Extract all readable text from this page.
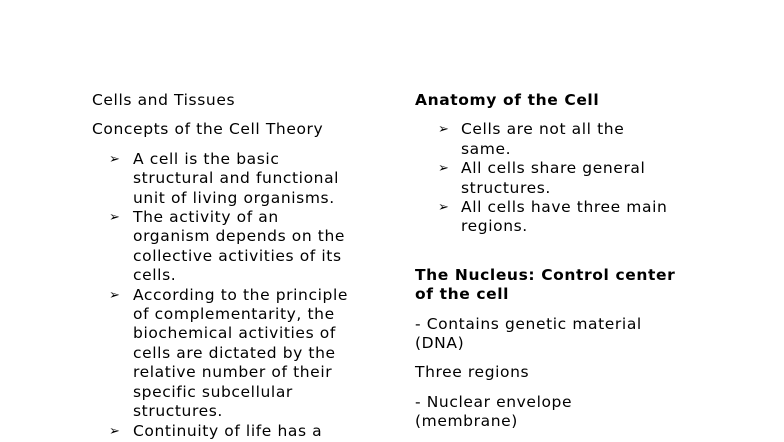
Cells and Tissues

Concepts of the Cell Theory

➢ A cell is the basic
structural and functional
unit of living organisms.
➢ The activity of an
organism depends on the
collective activities of its
cells.
➢ According to the principle
of complementarity, the
biochemical activities of
cells are dictated by the
relative number of their
specific subcellular
structures.
➢ Continuity of life has a

Anatomy of the Cell

➢ Cells are not all the
same.
➢ All cells share general
structures.
➢ All cells have three main
regions.

The Nucleus: Control center
of the cell

- Contains genetic material
(DNA)

Three regions

- Nuclear envelope
(membrane)
